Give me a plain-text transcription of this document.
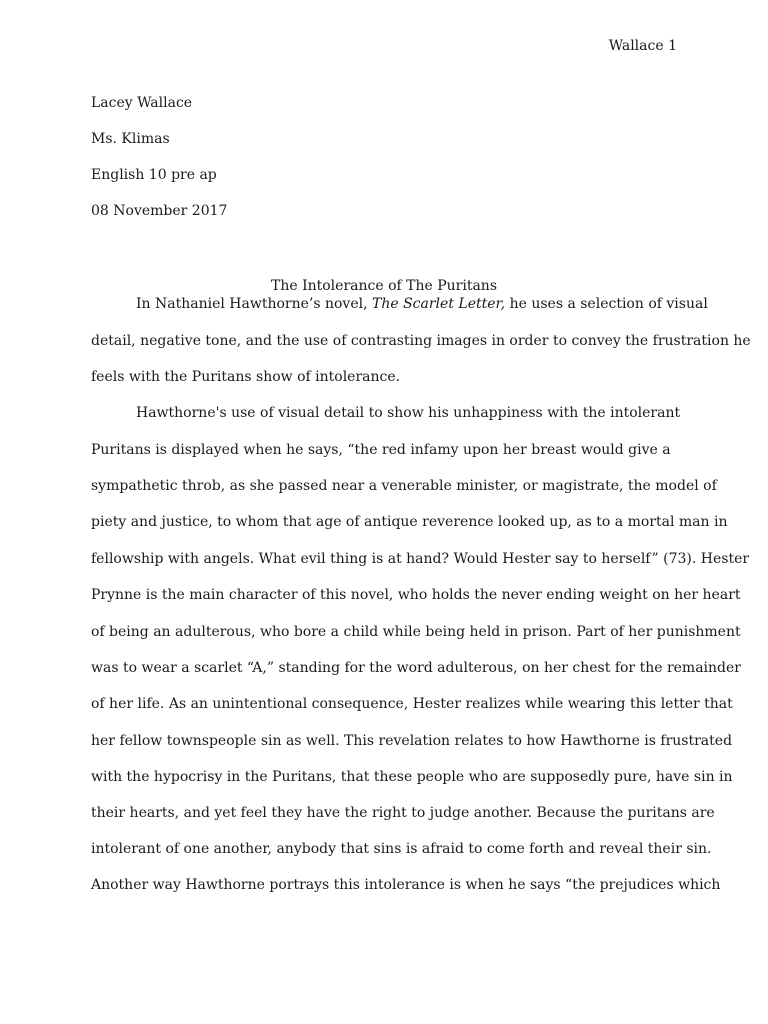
Wallace 1
Lacey Wallace
Ms. Klimas
English 10 pre ap
08 November 2017
The Intolerance of The Puritans
In Nathaniel Hawthorne’s novel, The Scarlet Letter, he uses a selection of visual
detail, negative tone, and the use of contrasting images in order to convey the frustration he
feels with the Puritans show of intolerance.
Hawthorne's use of visual detail to show his unhappiness with the intolerant
Puritans is displayed when he says, “the red infamy upon her breast would give a
sympathetic throb, as she passed near a venerable minister, or magistrate, the model of
piety and justice, to whom that age of antique reverence looked up, as to a mortal man in
fellowship with angels. What evil thing is at hand? Would Hester say to herself” (73). Hester
Prynne is the main character of this novel, who holds the never ending weight on her heart
of being an adulterous, who bore a child while being held in prison. Part of her punishment
was to wear a scarlet “A,” standing for the word adulterous, on her chest for the remainder
of her life. As an unintentional consequence, Hester realizes while wearing this letter that
her fellow townspeople sin as well. This revelation relates to how Hawthorne is frustrated
with the hypocrisy in the Puritans, that these people who are supposedly pure, have sin in
their hearts, and yet feel they have the right to judge another. Because the puritans are
intolerant of one another, anybody that sins is afraid to come forth and reveal their sin.
Another way Hawthorne portrays this intolerance is when he says “the prejudices which
